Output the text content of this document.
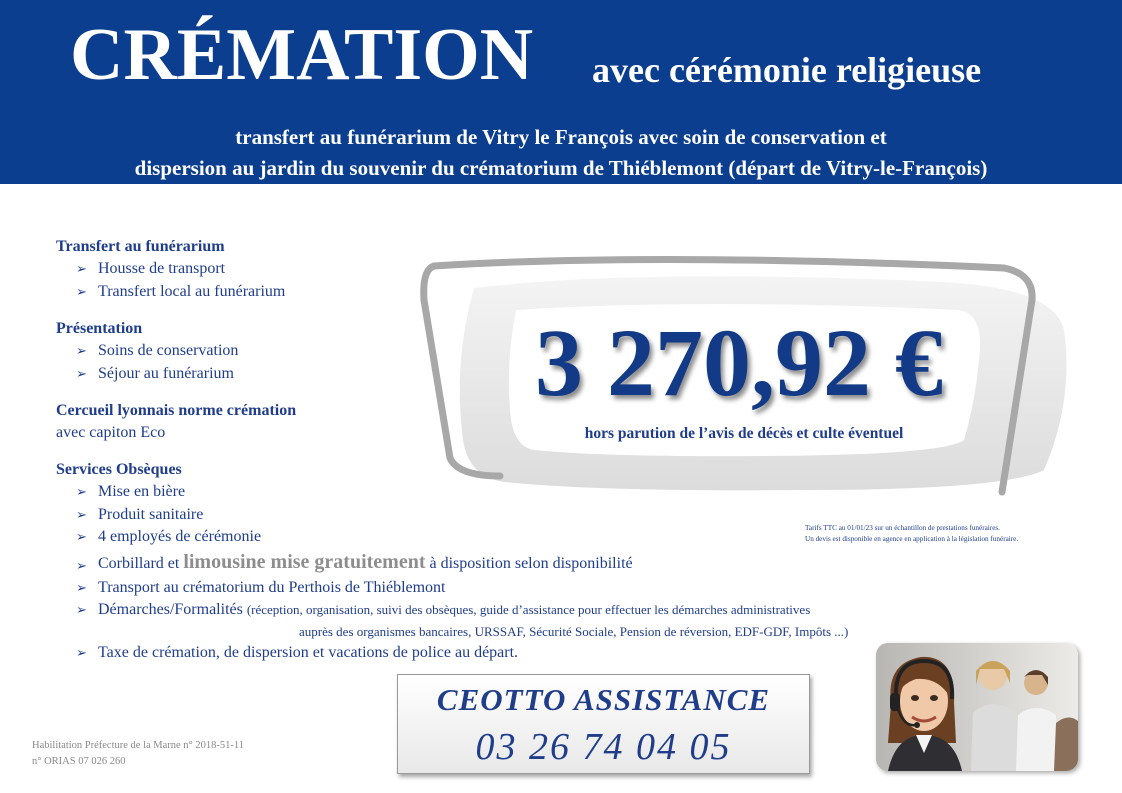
CRÉMATION avec cérémonie religieuse
transfert au funérarium de Vitry le François avec soin de conservation et
dispersion au jardin du souvenir du crématorium de Thiéblemont (départ de Vitry-le-François)
Transfert au funérarium
➢ Housse de transport
➢ Transfert local au funérarium
Présentation
➢ Soins de conservation
➢ Séjour au funérarium
Cercueil lyonnais norme crémation
avec capiton Eco
Services Obsèques
➢ Mise en bière
➢ Produit sanitaire
➢ 4 employés de cérémonie
➢ Corbillard et limousine mise gratuitement à disposition selon disponibilité
➢ Transport au crématorium du Perthois de Thiéblemont
➢ Démarches/Formalités (réception, organisation, suivi des obsèques, guide d’assistance pour effectuer les démarches administratives
auprès des organismes bancaires, URSSAF, Sécurité Sociale, Pension de réversion, EDF-GDF, Impôts ...)
➢ Taxe de crémation, de dispersion et vacations de police au départ.
3 270,92 €
hors parution de l’avis de décès et culte éventuel
Tarifs TTC au 01/01/23 sur un échantillon de prestations funéraires.
Un devis est disponible en agence en application à la législation funéraire.
CEOTTO ASSISTANCE
03 26 74 04 05
Habilitation Préfecture de la Marne n° 2018-51-11
n° ORIAS 07 026 260
